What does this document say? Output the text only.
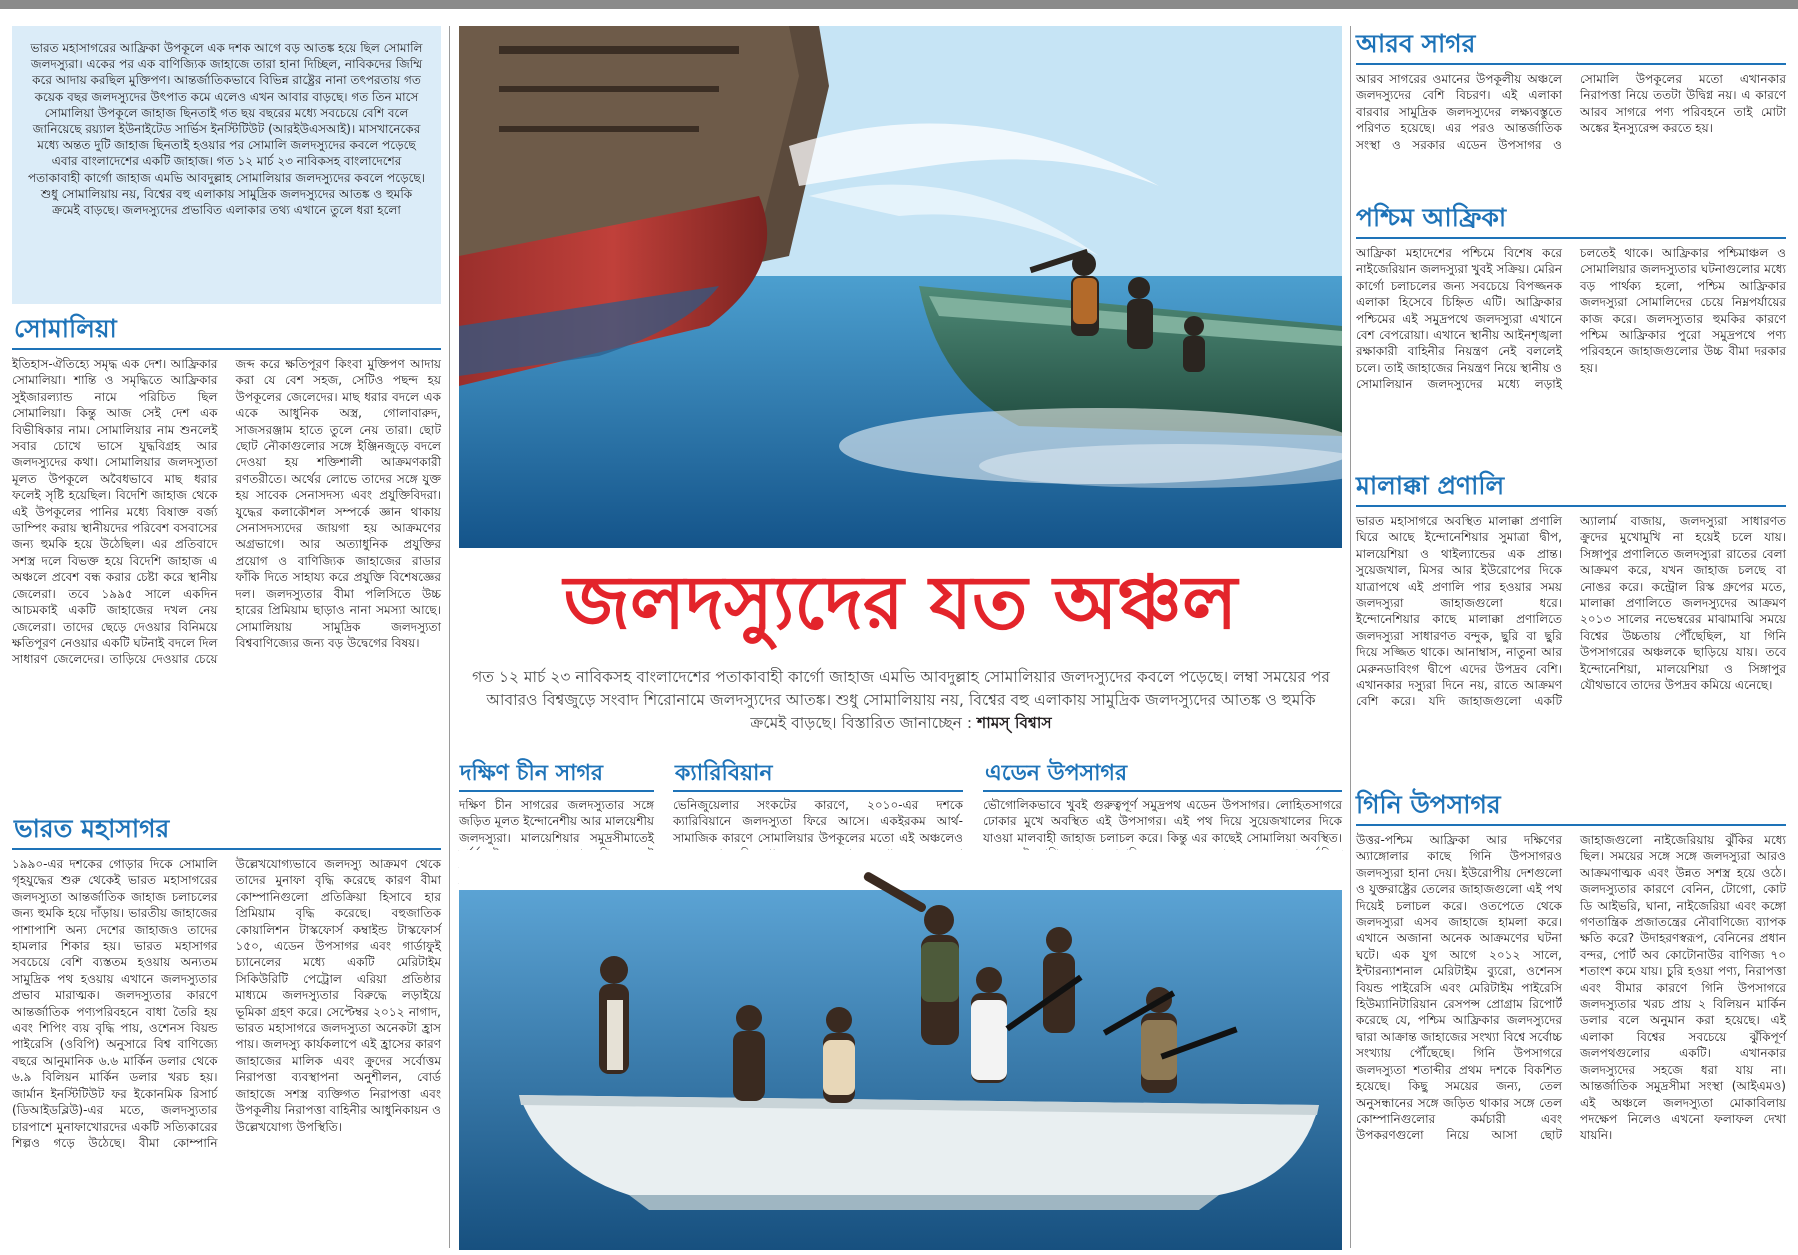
ভারত মহাসাগরের আফ্রিকা উপকূলে এক দশক আগে বড় আতঙ্ক হয়ে ছিল সোমালি জলদস্যুরা। একের পর এক বাণিজ্যিক জাহাজে তারা হানা দিচ্ছিল, নাবিকদের জিম্মি করে আদায় করছিল মুক্তিপণ। আন্তর্জাতিকভাবে বিভিন্ন রাষ্ট্রের নানা তৎপরতায় গত কয়েক বছর জলদস্যুদের উৎপাত কমে এলেও এখন আবার বাড়ছে। গত তিন মাসে সোমালিয়া উপকূলে জাহাজ ছিনতাই গত ছয় বছরের মধ্যে সবচেয়ে বেশি বলে জানিয়েছে রয়্যাল ইউনাইটেড সার্ভিস ইনস্টিটিউট (আরইউএসআই)। মাসখানেকের মধ্যে অন্তত দুটি জাহাজ ছিনতাই হওয়ার পর সোমালি জলদস্যুদের কবলে পড়েছে এবার বাংলাদেশের একটি জাহাজ। গত ১২ মার্চ ২৩ নাবিকসহ বাংলাদেশের পতাকাবাহী কার্গো জাহাজ এমভি আবদুল্লাহ সোমালিয়ার জলদস্যুদের কবলে পড়েছে। শুধু সোমালিয়ায় নয়, বিশ্বের বহু এলাকায় সামুদ্রিক জলদস্যুদের আতঙ্ক ও হুমকি ক্রমেই বাড়ছে। জলদস্যুদের প্রভাবিত এলাকার তথ্য এখানে তুলে ধরা হলো

সোমালিয়া

ইতিহাস-ঐতিহ্যে সমৃদ্ধ এক দেশ। আফ্রিকার সোমালিয়া। শান্তি ও সমৃদ্ধিতে আফ্রিকার সুইজারল্যান্ড নামে পরিচিত ছিল সোমালিয়া। কিন্তু আজ সেই দেশ এক বিভীষিকার নাম। সোমালিয়ার নাম শুনলেই সবার চোখে ভাসে যুদ্ধবিগ্রহ আর জলদস্যুদের কথা। সোমালিয়ার জলদস্যুতা মূলত উপকূলে অবৈধভাবে মাছ ধরার ফলেই সৃষ্টি হয়েছিল। বিদেশি জাহাজ থেকে এই উপকূলের পানির মধ্যে বিষাক্ত বর্জ্য ডাম্পিং করায় স্থানীয়দের পরিবেশ বসবাসের জন্য হুমকি হয়ে উঠেছিল। এর প্রতিবাদে সশস্ত্র দলে বিভক্ত হয়ে বিদেশি জাহাজ এ অঞ্চলে প্রবেশ বন্ধ করার চেষ্টা করে স্থানীয় জেলেরা। তবে ১৯৯৫ সালে একদিন আচমকাই একটি জাহাজের দখল নেয় জেলেরা। তাদের ছেড়ে দেওয়ার বিনিময়ে ক্ষতিপূরণ নেওয়ার একটি ঘটনাই বদলে দিল সাধারণ জেলেদের। তাড়িয়ে দেওয়ার চেয়ে জব্দ করে ক্ষতিপূরণ কিংবা মুক্তিপণ আদায় করা যে বেশ সহজ, সেটিও পছন্দ হয় উপকূলের জেলেদের। মাছ ধরার বদলে এক একে আধুনিক অস্ত্র, গোলাবারুদ, সাজসরঞ্জাম হাতে তুলে নেয় তারা। ছোট ছোট নৌকাগুলোর সঙ্গে ইঞ্জিনজুড়ে বদলে দেওয়া হয় শক্তিশালী আক্রমণকারী রণতরীতে। অর্থের লোভে তাদের সঙ্গে যুক্ত হয় সাবেক সেনাসদস্য এবং প্রযুক্তিবিদরা। যুদ্ধের কলাকৌশল সম্পর্কে জ্ঞান থাকায় সেনাসদস্যদের জায়গা হয় আক্রমণের অগ্রভাগে। আর অত্যাধুনিক প্রযুক্তির প্রয়োগ ও বাণিজ্যিক জাহাজের রাডার ফাঁকি দিতে সাহায্য করে প্রযুক্তি বিশেষজ্ঞের দল। জলদস্যুতার বীমা পলিসিতে উচ্চ হারের প্রিমিয়াম ছাড়াও নানা সমস্যা আছে। সোমালিয়ায় সামুদ্রিক জলদস্যুতা বিশ্ববাণিজ্যের জন্য বড় উদ্বেগের বিষয়।

ভারত মহাসাগর

১৯৯০-এর দশকের গোড়ার দিকে সোমালি গৃহযুদ্ধের শুরু থেকেই ভারত মহাসাগরের জলদস্যুতা আন্তর্জাতিক জাহাজ চলাচলের জন্য হুমকি হয়ে দাঁড়ায়। ভারতীয় জাহাজের পাশাপাশি অন্য দেশের জাহাজও তাদের হামলার শিকার হয়। ভারত মহাসাগর সবচেয়ে বেশি ব্যস্ততম হওয়ায় অন্যতম সামুদ্রিক পথ হওয়ায় এখানে জলদস্যুতার প্রভাব মারাত্মক। জলদস্যুতার কারণে আন্তর্জাতিক পণ্যপরিবহনে বাধা তৈরি হয় এবং শিপিং ব্যয় বৃদ্ধি পায়, ওশেনস বিয়ন্ড পাইরেসি (ওবিপি) অনুসারে বিশ্ব বাণিজ্যে বছরে আনুমানিক ৬.৬ মার্কিন ডলার থেকে ৬.৯ বিলিয়ন মার্কিন ডলার খরচ হয়। জার্মান ইনস্টিটিউট ফর ইকোনমিক রিসার্চ (ডিআইডব্লিউ)-এর মতে, জলদস্যুতার চারপাশে মুনাফাখোরদের একটি সত্যিকারের শিল্পও গড়ে উঠেছে। বীমা কোম্পানি উল্লেখযোগ্যভাবে জলদস্যু আক্রমণ থেকে তাদের মুনাফা বৃদ্ধি করেছে কারণ বীমা কোম্পানিগুলো প্রতিক্রিয়া হিসাবে হার প্রিমিয়াম বৃদ্ধি করেছে। বহুজাতিক কোয়ালিশন টাস্কফোর্স কম্বাইন্ড টাস্কফোর্স ১৫০, এডেন উপসাগর এবং গার্ডাফুই চ্যানেলের মধ্যে একটি মেরিটাইম সিকিউরিটি পেট্রোল এরিয়া প্রতিষ্ঠার মাধ্যমে জলদস্যুতার বিরুদ্ধে লড়াইয়ে ভূমিকা গ্রহণ করে। সেপ্টেম্বর ২০১২ নাগাদ, ভারত মহাসাগরে জলদস্যুতা অনেকটা হ্রাস পায়। জলদস্যু কার্যকলাপে এই হ্রাসের কারণ জাহাজের মালিক এবং ক্রুদের সর্বোত্তম নিরাপত্তা ব্যবস্থাপনা অনুশীলন, বোর্ড জাহাজে সশস্ত্র ব্যক্তিগত নিরাপত্তা এবং উপকূলীয় নিরাপত্তা বাহিনীর আধুনিকায়ন ও উল্লেখযোগ্য উপস্থিতি।

জলদস্যুদের যত অঞ্চল

গত ১২ মার্চ ২৩ নাবিকসহ বাংলাদেশের পতাকাবাহী কার্গো জাহাজ এমভি আবদুল্লাহ সোমালিয়ার জলদস্যুদের কবলে পড়েছে। লম্বা সময়ের পর আবারও বিশ্বজুড়ে সংবাদ শিরোনামে জলদস্যুদের আতঙ্ক। শুধু সোমালিয়ায় নয়, বিশ্বের বহু এলাকায় সামুদ্রিক জলদস্যুদের আতঙ্ক ও হুমকি ক্রমেই বাড়ছে। বিস্তারিত জানাচ্ছেন : শামস্ বিশ্বাস

দক্ষিণ চীন সাগর

দক্ষিণ চীন সাগরের জলদস্যুতার সঙ্গে জড়িত মূলত ইন্দোনেশীয় আর মালয়েশীয় জলদস্যুরা। মালয়েশিয়ার সমুদ্রসীমাতেই

ক্যারিবিয়ান

ভেনিজুয়েলার সংকটের কারণে, ২০১০-এর দশকে ক্যারিবিয়ানে জলদস্যুতা ফিরে আসে। একইরকম আর্থ-সামাজিক কারণে সোমালিয়ার উপকূলের মতো এই অঞ্চলেও

এডেন উপসাগর

ভৌগোলিকভাবে খুবই গুরুত্বপূর্ণ সমুদ্রপথ এডেন উপসাগর। লোহিতসাগরে ঢোকার মুখে অবস্থিত এই উপসাগর। এই পথ দিয়ে সুয়েজখালের দিকে যাওয়া মালবাহী জাহাজ চলাচল করে। কিন্তু এর কাছেই সোমালিয়া অবস্থিত।

আরব সাগর

আরব সাগরের ওমানের উপকূলীয় অঞ্চলে জলদস্যুদের বেশি বিচরণ। এই এলাকা বারবার সামুদ্রিক জলদস্যুদের লক্ষ্যবস্তুতে পরিণত হয়েছে। এর পরও আন্তর্জাতিক সংস্থা ও সরকার এডেন উপসাগর ও সোমালি উপকূলের মতো এখানকার নিরাপত্তা নিয়ে ততটা উদ্বিগ্ন নয়। এ কারণে আরব সাগরে পণ্য পরিবহনে তাই মোটা অঙ্কের ইনস্যুরেন্স করতে হয়।

পশ্চিম আফ্রিকা

আফ্রিকা মহাদেশের পশ্চিমে বিশেষ করে নাইজেরিয়ান জলদস্যুরা খুবই সক্রিয়। মেরিন কার্গো চলাচলের জন্য সবচেয়ে বিপজ্জনক এলাকা হিসেবে চিহ্নিত এটি। আফ্রিকার পশ্চিমের এই সমুদ্রপথে জলদস্যুরা এখানে বেশ বেপরোয়া। এখানে স্থানীয় আইনশৃঙ্খলা রক্ষাকারী বাহিনীর নিয়ন্ত্রণ নেই বললেই চলে। তাই জাহাজের নিয়ন্ত্রণ নিয়ে স্থানীয় ও সোমালিয়ান জলদস্যুদের মধ্যে লড়াই চলতেই থাকে। আফ্রিকার পশ্চিমাঞ্চল ও সোমালিয়ার জলদস্যুতার ঘটনাগুলোর মধ্যে বড় পার্থক্য হলো, পশ্চিম আফ্রিকার জলদস্যুরা সোমালিদের চেয়ে নিম্নপর্যায়ের কাজ করে। জলদস্যুতার হুমকির কারণে পশ্চিম আফ্রিকার পুরো সমুদ্রপথে পণ্য পরিবহনে জাহাজগুলোর উচ্চ বীমা দরকার হয়।

মালাক্কা প্রণালি

ভারত মহাসাগরে অবস্থিত মালাক্কা প্রণালি ঘিরে আছে ইন্দোনেশিয়ার সুমাত্রা দ্বীপ, মালয়েশিয়া ও থাইল্যান্ডের এক প্রান্ত। সুয়েজখাল, মিসর আর ইউরোপের দিকে যাত্রাপথে এই প্রণালি পার হওয়ার সময় জলদস্যুরা জাহাজগুলো ধরে। ইন্দোনেশিয়ার কাছে মালাক্কা প্রণালিতে জলদস্যুরা সাধারণত বন্দুক, ছুরি বা ছুরি দিয়ে সজ্জিত থাকে। আনাম্বাস, নাতুনা আর মেরুনডাবিংগ দ্বীপে এদের উপদ্রব বেশি। এখানকার দস্যুরা দিনে নয়, রাতে আক্রমণ বেশি করে। যদি জাহাজগুলো একটি অ্যালার্ম বাজায়, জলদস্যুরা সাধারণত ক্রুদের মুখোমুখি না হয়েই চলে যায়। সিঙ্গাপুর প্রণালিতে জলদস্যুরা রাতের বেলা আক্রমণ করে, যখন জাহাজ চলছে বা নোঙর করে। কন্ট্রোল রিস্ক গ্রুপের মতে, মালাক্কা প্রণালিতে জলদস্যুদের আক্রমণ ২০১৩ সালের নভেম্বরের মাঝামাঝি সময়ে বিশ্বের উচ্চতায় পৌঁছেছিল, যা গিনি উপসাগরের অঞ্চলকে ছাড়িয়ে যায়। তবে ইন্দোনেশিয়া, মালয়েশিয়া ও সিঙ্গাপুর যৌথভাবে তাদের উপদ্রব কমিয়ে এনেছে।

গিনি উপসাগর

উত্তর-পশ্চিম আফ্রিকা আর দক্ষিণের অ্যাঙ্গোলার কাছে গিনি উপসাগরও জলদস্যুরা হানা দেয়। ইউরোপীয় দেশগুলো ও যুক্তরাষ্ট্রের তেলের জাহাজগুলো এই পথ দিয়েই চলাচল করে। ওতপেতে থেকে জলদস্যুরা এসব জাহাজে হামলা করে। এখানে অজানা অনেক আক্রমণের ঘটনা ঘটে। এক যুগ আগে ২০১২ সালে, ইন্টারন্যাশনাল মেরিটাইম ব্যুরো, ওশেনস বিয়ন্ড পাইরেসি এবং মেরিটাইম পাইরেসি হিউম্যানিটারিয়ান রেসপন্স প্রোগ্রাম রিপোর্ট করেছে যে, পশ্চিম আফ্রিকার জলদস্যুদের দ্বারা আক্রান্ত জাহাজের সংখ্যা বিশ্বে সর্বোচ্চ সংখ্যায় পৌঁছেছে। গিনি উপসাগরে জলদস্যুতা শতাব্দীর প্রথম দশকে বিকশিত হয়েছে। কিছু সময়ের জন্য, তেল অনুসন্ধানের সঙ্গে জড়িত থাকার সঙ্গে তেল কোম্পানিগুলোর কর্মচারী এবং উপকরণগুলো নিয়ে আসা ছোট জাহাজগুলো নাইজেরিয়ায় ঝুঁকির মধ্যে ছিল। সময়ের সঙ্গে সঙ্গে জলদস্যুরা আরও আক্রমণাত্মক এবং উন্নত সশস্ত্র হয়ে ওঠে। জলদস্যুতার কারণে বেনিন, টোগো, কোট ডি আইভরি, ঘানা, নাইজেরিয়া এবং কঙ্গো গণতান্ত্রিক প্রজাতন্ত্রের নৌবাণিজ্যে ব্যাপক ক্ষতি করে? উদাহরণস্বরূপ, বেনিনের প্রধান বন্দর, পোর্ট অব কোটোনাউর বাণিজ্য ৭০ শতাংশ কমে যায়। চুরি হওয়া পণ্য, নিরাপত্তা এবং বীমার কারণে গিনি উপসাগরে জলদস্যুতার খরচ প্রায় ২ বিলিয়ন মার্কিন ডলার বলে অনুমান করা হয়েছে। এই এলাকা বিশ্বের সবচেয়ে ঝুঁকিপূর্ণ জলপথগুলোর একটি। এখানকার জলদস্যুদের সহজে ধরা যায় না। আন্তর্জাতিক সমুদ্রসীমা সংস্থা (আইএমও) এই অঞ্চলে জলদস্যুতা মোকাবিলায় পদক্ষেপ নিলেও এখনো ফলাফল দেখা যায়নি।
